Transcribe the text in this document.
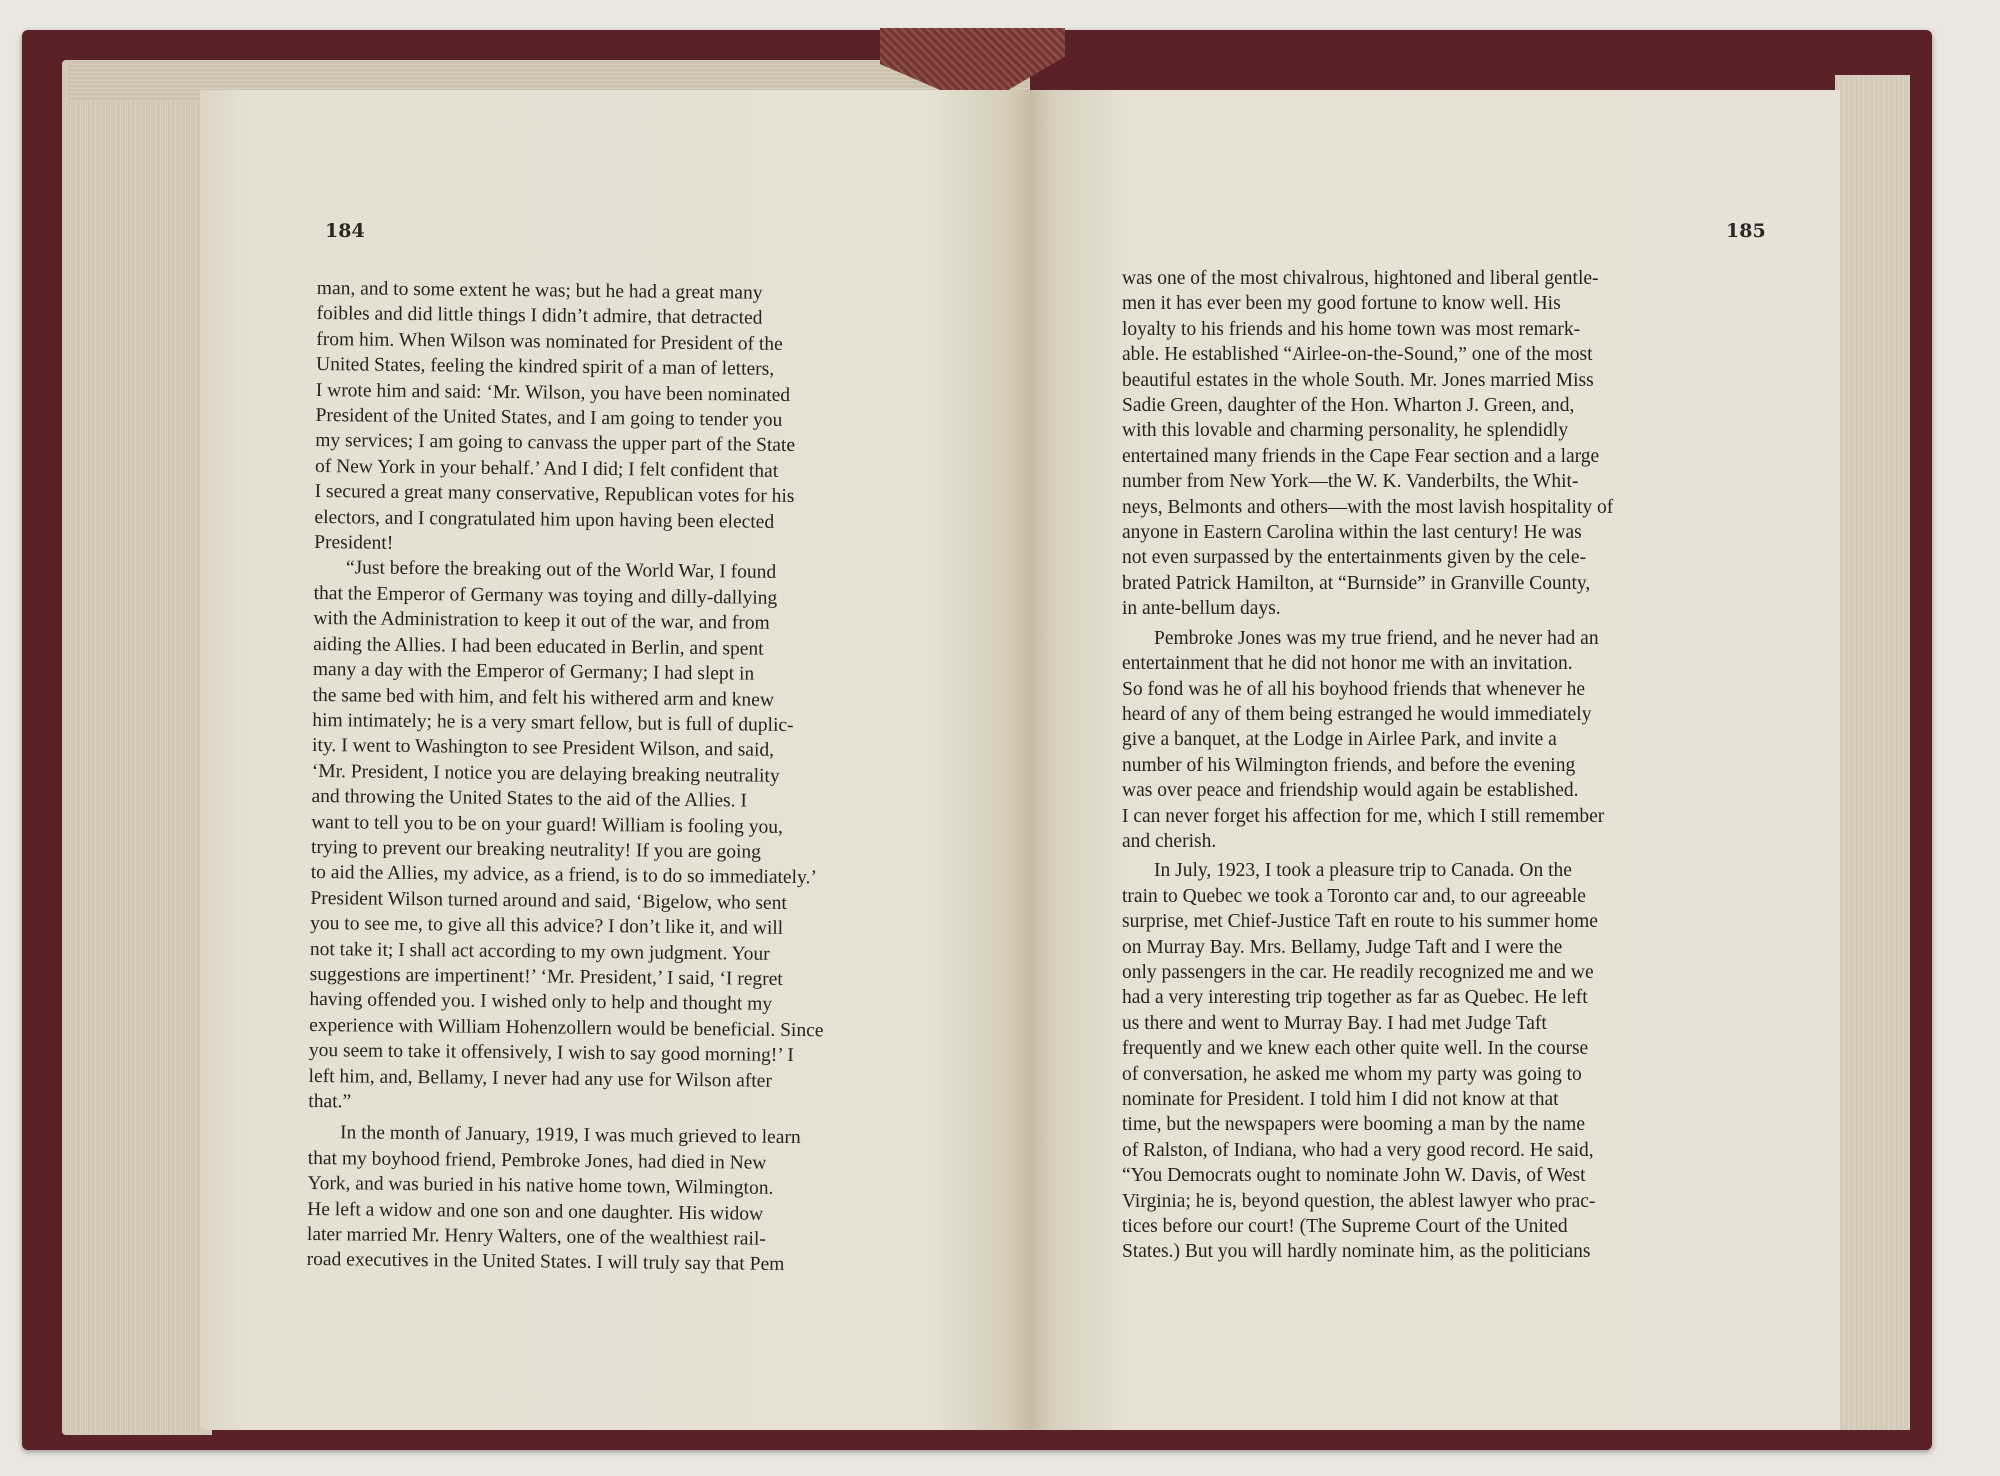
184	185

man, and to some extent he was; but he had a great many

foibles and did little things I didn’t admire, that detracted

from him. When Wilson was nominated for President of the

United States, feeling the kindred spirit of a man of letters,

I wrote him and said: ‘Mr. Wilson, you have been nominated

President of the United States, and I am going to tender you

my services; I am going to canvass the upper part of the State

of New York in your behalf.’ And I did; I felt confident that

I secured a great many conservative, Republican votes for his

electors, and I congratulated him upon having been elected

President!

“Just before the breaking out of the World War, I found

that the Emperor of Germany was toying and dilly-dallying

with the Administration to keep it out of the war, and from

aiding the Allies. I had been educated in Berlin, and spent

many a day with the Emperor of Germany; I had slept in

the same bed with him, and felt his withered arm and knew

him intimately; he is a very smart fellow, but is full of duplic-

ity. I went to Washington to see President Wilson, and said,

‘Mr. President, I notice you are delaying breaking neutrality

and throwing the United States to the aid of the Allies. I

want to tell you to be on your guard! William is fooling you,

trying to prevent our breaking neutrality! If you are going

to aid the Allies, my advice, as a friend, is to do so immediately.’

President Wilson turned around and said, ‘Bigelow, who sent

you to see me, to give all this advice? I don’t like it, and will

not take it; I shall act according to my own judgment. Your

suggestions are impertinent!’ ‘Mr. President,’ I said, ‘I regret

having offended you. I wished only to help and thought my

experience with William Hohenzollern would be beneficial. Since

you seem to take it offensively, I wish to say good morning!’ I

left him, and, Bellamy, I never had any use for Wilson after

that.”

In the month of January, 1919, I was much grieved to learn

that my boyhood friend, Pembroke Jones, had died in New

York, and was buried in his native home town, Wilmington.

He left a widow and one son and one daughter. His widow

later married Mr. Henry Walters, one of the wealthiest rail-

road executives in the United States. I will truly say that Pem

was one of the most chivalrous, hightoned and liberal gentle-

men it has ever been my good fortune to know well. His

loyalty to his friends and his home town was most remark-

able. He established “Airlee-on-the-Sound,” one of the most

beautiful estates in the whole South. Mr. Jones married Miss

Sadie Green, daughter of the Hon. Wharton J. Green, and,

with this lovable and charming personality, he splendidly

entertained many friends in the Cape Fear section and a large

number from New York—the W. K. Vanderbilts, the Whit-

neys, Belmonts and others—with the most lavish hospitality of

anyone in Eastern Carolina within the last century! He was

not even surpassed by the entertainments given by the cele-

brated Patrick Hamilton, at “Burnside” in Granville County,

in ante-bellum days.

Pembroke Jones was my true friend, and he never had an

entertainment that he did not honor me with an invitation.

So fond was he of all his boyhood friends that whenever he

heard of any of them being estranged he would immediately

give a banquet, at the Lodge in Airlee Park, and invite a

number of his Wilmington friends, and before the evening

was over peace and friendship would again be established.

I can never forget his affection for me, which I still remember

and cherish.

In July, 1923, I took a pleasure trip to Canada. On the

train to Quebec we took a Toronto car and, to our agreeable

surprise, met Chief-Justice Taft en route to his summer home

on Murray Bay. Mrs. Bellamy, Judge Taft and I were the

only passengers in the car. He readily recognized me and we

had a very interesting trip together as far as Quebec. He left

us there and went to Murray Bay. I had met Judge Taft

frequently and we knew each other quite well. In the course

of conversation, he asked me whom my party was going to

nominate for President. I told him I did not know at that

time, but the newspapers were booming a man by the name

of Ralston, of Indiana, who had a very good record. He said,

“You Democrats ought to nominate John W. Davis, of West

Virginia; he is, beyond question, the ablest lawyer who prac-

tices before our court! (The Supreme Court of the United

States.) But you will hardly nominate him, as the politicians
